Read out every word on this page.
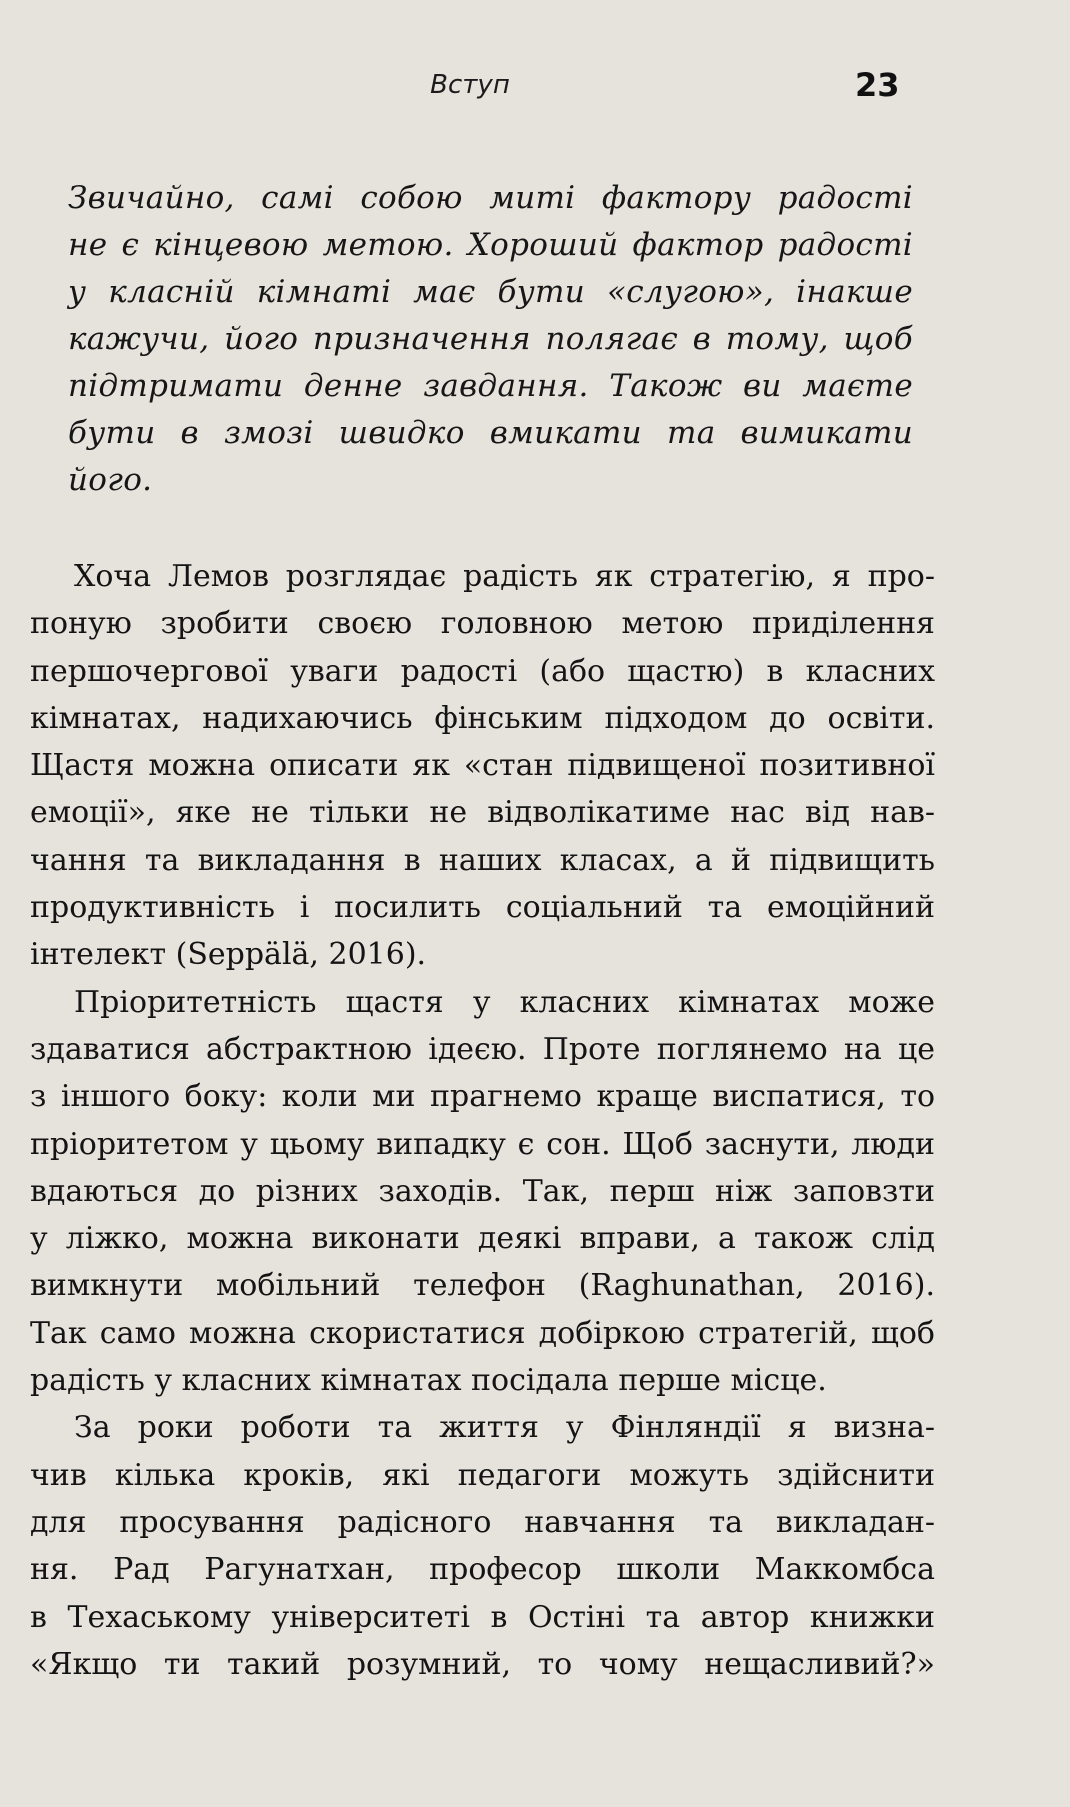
Вступ	23
Звичайно, самі собою миті фактору радості
не є кінцевою метою. Хороший фактор радості
у класній кімнаті має бути «слугою», інакше
кажучи, його призначення полягає в тому, щоб
підтримати денне завдання. Також ви маєте
бути в змозі швидко вмикати та вимикати
його.
Хоча Лемов розглядає радість як стратегію, я про-
поную зробити своєю головною метою приділення
першочергової уваги радості (або щастю) в класних
кімнатах, надихаючись фінським підходом до освіти.
Щастя можна описати як «стан підвищеної позитивної
емоції», яке не тільки не відволікатиме нас від нав-
чання та викладання в наших класах, а й підвищить
продуктивність і посилить соціальний та емоційний
інтелект (Seppälä, 2016).
Пріоритетність щастя у класних кімнатах може
здаватися абстрактною ідеєю. Проте поглянемо на це
з іншого боку: коли ми прагнемо краще виспатися, то
пріоритетом у цьому випадку є сон. Щоб заснути, люди
вдаються до різних заходів. Так, перш ніж заповзти
у ліжко, можна виконати деякі вправи, а також слід
вимкнути мобільний телефон (Raghunathan, 2016).
Так само можна скористатися добіркою стратегій, щоб
радість у класних кімнатах посідала перше місце.
За роки роботи та життя у Фінляндії я визна-
чив кілька кроків, які педагоги можуть здійснити
для просування радісного навчання та викладан-
ня. Рад Рагунатхан, професор школи Маккомбса
в Техаському університеті в Остіні та автор книжки
«Якщо ти такий розумний, то чому нещасливий?»
